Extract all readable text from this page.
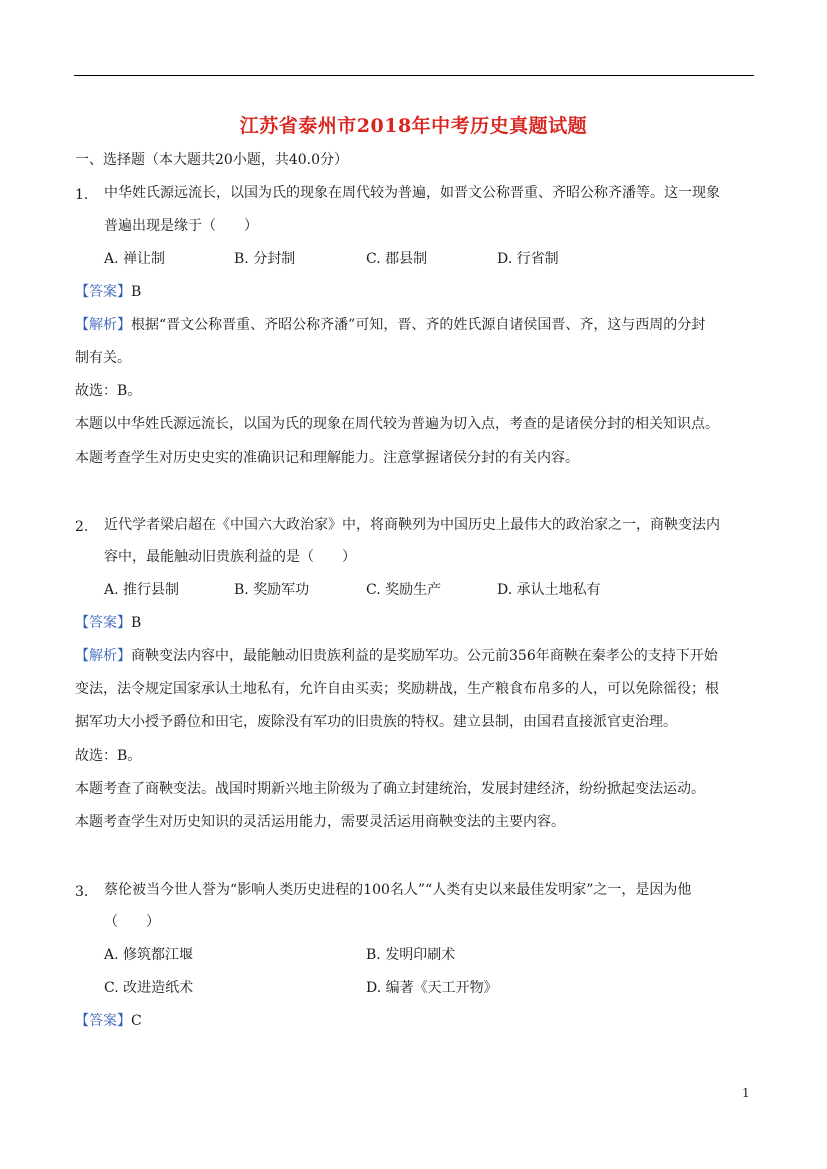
江苏省泰州市2018年中考历史真题试题
一、选择题（本大题共20小题，共40.0分）
1. 中华姓氏源远流长，以国为氏的现象在周代较为普遍，如晋文公称晋重、齐昭公称齐潘等。这一现象
普遍出现是缘于（　　）
A. 禅让制	B. 分封制	C. 郡县制	D. 行省制
【答案】B
【解析】根据“晋文公称晋重、齐昭公称齐潘”可知，晋、齐的姓氏源自诸侯国晋、齐，这与西周的分封
制有关。
故选：B。
本题以中华姓氏源远流长，以国为氏的现象在周代较为普遍为切入点，考查的是诸侯分封的相关知识点。
本题考查学生对历史史实的准确识记和理解能力。注意掌握诸侯分封的有关内容。
2. 近代学者梁启超在《中国六大政治家》中，将商鞅列为中国历史上最伟大的政治家之一，商鞅变法内
容中，最能触动旧贵族利益的是（　　）
A. 推行县制	B. 奖励军功	C. 奖励生产	D. 承认土地私有
【答案】B
【解析】商鞅变法内容中，最能触动旧贵族利益的是奖励军功。公元前356年商鞅在秦孝公的支持下开始
变法，法令规定国家承认土地私有，允许自由买卖；奖励耕战，生产粮食布帛多的人，可以免除徭役；根
据军功大小授予爵位和田宅，废除没有军功的旧贵族的特权。建立县制，由国君直接派官吏治理。
故选：B。
本题考查了商鞅变法。战国时期新兴地主阶级为了确立封建统治，发展封建经济，纷纷掀起变法运动。
本题考查学生对历史知识的灵活运用能力，需要灵活运用商鞅变法的主要内容。
3. 蔡伦被当今世人誉为“影响人类历史进程的100名人”“人类有史以来最佳发明家”之一，是因为他
（　　）
A. 修筑都江堰	B. 发明印刷术
C. 改进造纸术	D. 编著《天工开物》
【答案】C
1
